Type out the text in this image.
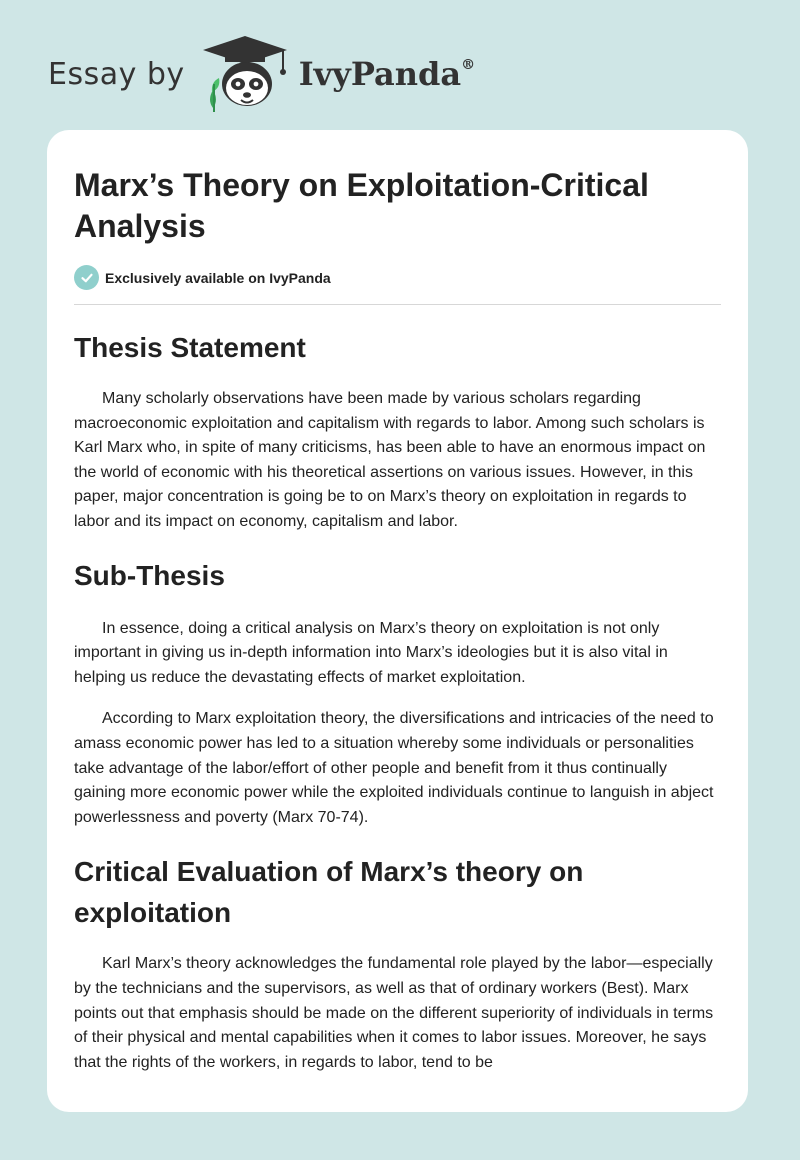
Essay by	IvyPanda®
Marx’s Theory on Exploitation-Critical Analysis
Exclusively available on IvyPanda
Thesis Statement

Many scholarly observations have been made by various scholars regarding macroeconomic exploitation and capitalism with regards to labor. Among such scholars is Karl Marx who, in spite of many criticisms, has been able to have an enormous impact on the world of economic with his theoretical assertions on various issues. However, in this paper, major concentration is going be to on Marx’s theory on exploitation in regards to labor and its impact on economy, capitalism and labor.

Sub-Thesis

In essence, doing a critical analysis on Marx’s theory on exploitation is not only important in giving us in-depth information into Marx’s ideologies but it is also vital in helping us reduce the devastating effects of market exploitation.

According to Marx exploitation theory, the diversifications and intricacies of the need to amass economic power has led to a situation whereby some individuals or personalities take advantage of the labor/effort of other people and benefit from it thus continually gaining more economic power while the exploited individuals continue to languish in abject powerlessness and poverty (Marx 70-74).

Critical Evaluation of Marx’s theory on exploitation

Karl Marx’s theory acknowledges the fundamental role played by the labor—especially by the technicians and the supervisors, as well as that of ordinary workers (Best). Marx points out that emphasis should be made on the different superiority of individuals in terms of their physical and mental capabilities when it comes to labor issues. Moreover, he says that the rights of the workers, in regards to labor, tend to be
